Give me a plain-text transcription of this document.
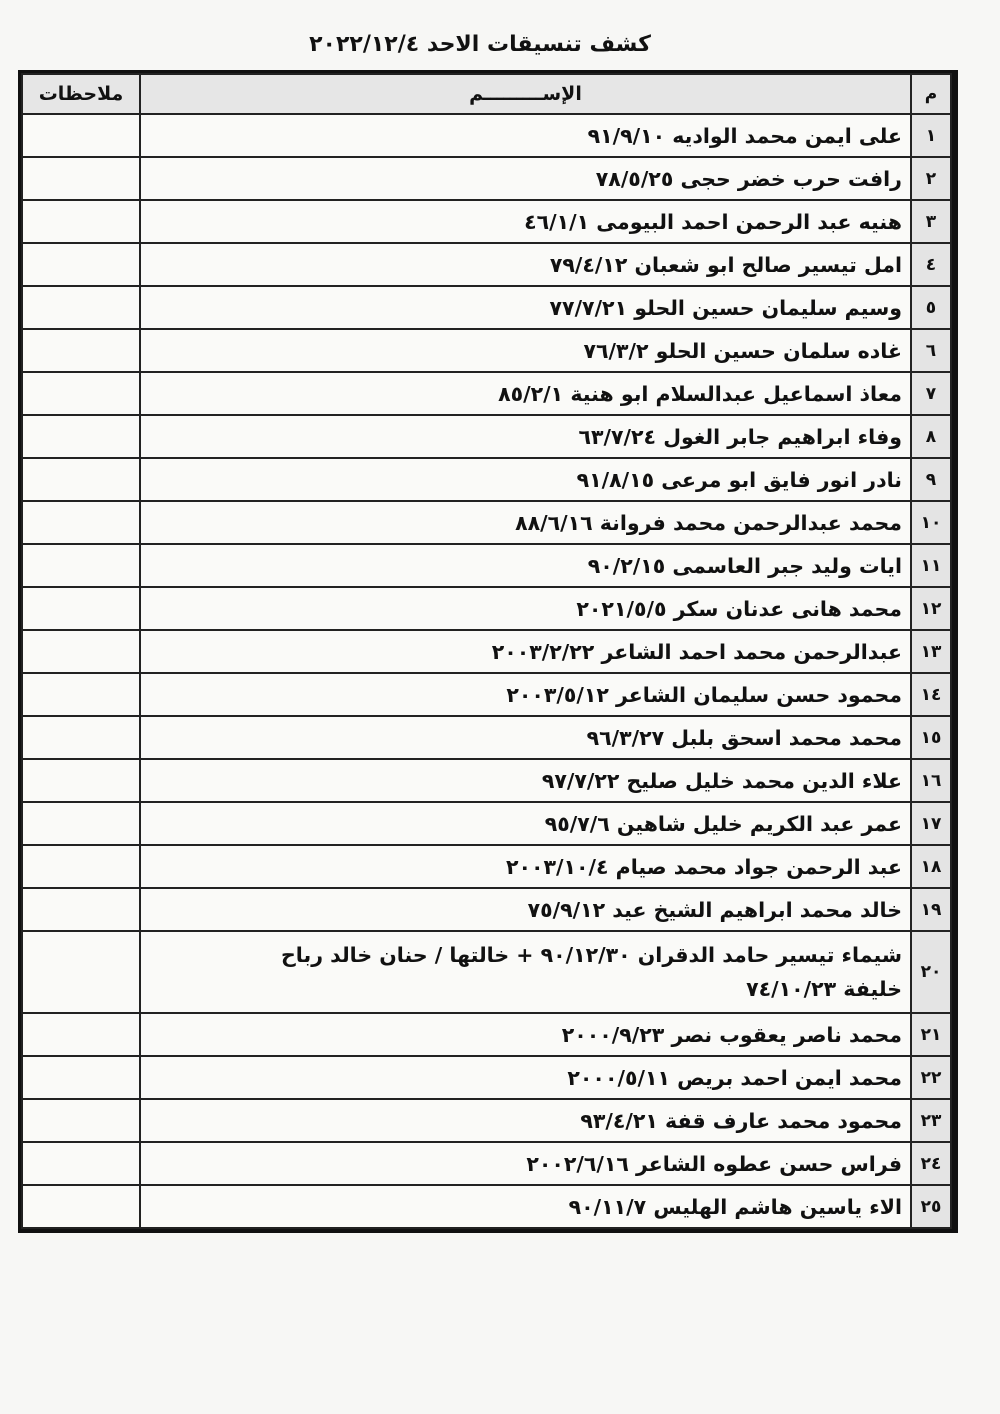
كشف تنسيقات الاحد ٢٠٢٢/١٢/٤
م	الإســـــــــم	ملاحظات
١	على ايمن محمد الواديه ٩١/٩/١٠	
٢	رافت حرب خضر حجى ٧٨/٥/٢٥	
٣	هنيه عبد الرحمن احمد البيومى ٤٦/١/١	
٤	امل تيسير صالح ابو شعبان ٧٩/٤/١٢	
٥	وسيم سليمان حسين الحلو ٧٧/٧/٢١	
٦	غاده سلمان حسين الحلو ٧٦/٣/٢	
٧	معاذ اسماعيل عبدالسلام ابو هنية ٨٥/٢/١	
٨	وفاء ابراهيم جابر الغول ٦٣/٧/٢٤	
٩	نادر انور فايق ابو مرعى ٩١/٨/١٥	
١٠	محمد عبدالرحمن محمد فروانة ٨٨/٦/١٦	
١١	ايات وليد جبر العاسمى ٩٠/٢/١٥	
١٢	محمد هانى عدنان سكر ٢٠٢١/٥/٥	
١٣	عبدالرحمن محمد احمد الشاعر ٢٠٠٣/٢/٢٢	
١٤	محمود حسن سليمان الشاعر ٢٠٠٣/٥/١٢	
١٥	محمد محمد اسحق بلبل ٩٦/٣/٢٧	
١٦	علاء الدين محمد خليل صليح ٩٧/٧/٢٢	
١٧	عمر عبد الكريم خليل شاهين ٩٥/٧/٦	
١٨	عبد الرحمن جواد محمد صيام ٢٠٠٣/١٠/٤	
١٩	خالد محمد ابراهيم الشيخ عيد ٧٥/٩/١٢	
٢٠	شيماء تيسير حامد الدقران ٩٠/١٢/٣٠ + خالتها / حنان خالد رباح
خليفة ٧٤/١٠/٢٣	

٢١	محمد ناصر يعقوب نصر ٢٠٠٠/٩/٢٣	
٢٢	محمد ايمن احمد بريص ٢٠٠٠/٥/١١	
٢٣	محمود محمد عارف قفة ٩٣/٤/٢١	
٢٤	فراس حسن عطوه الشاعر ٢٠٠٢/٦/١٦	
٢٥	الاء ياسين هاشم الهليس ٩٠/١١/٧	
